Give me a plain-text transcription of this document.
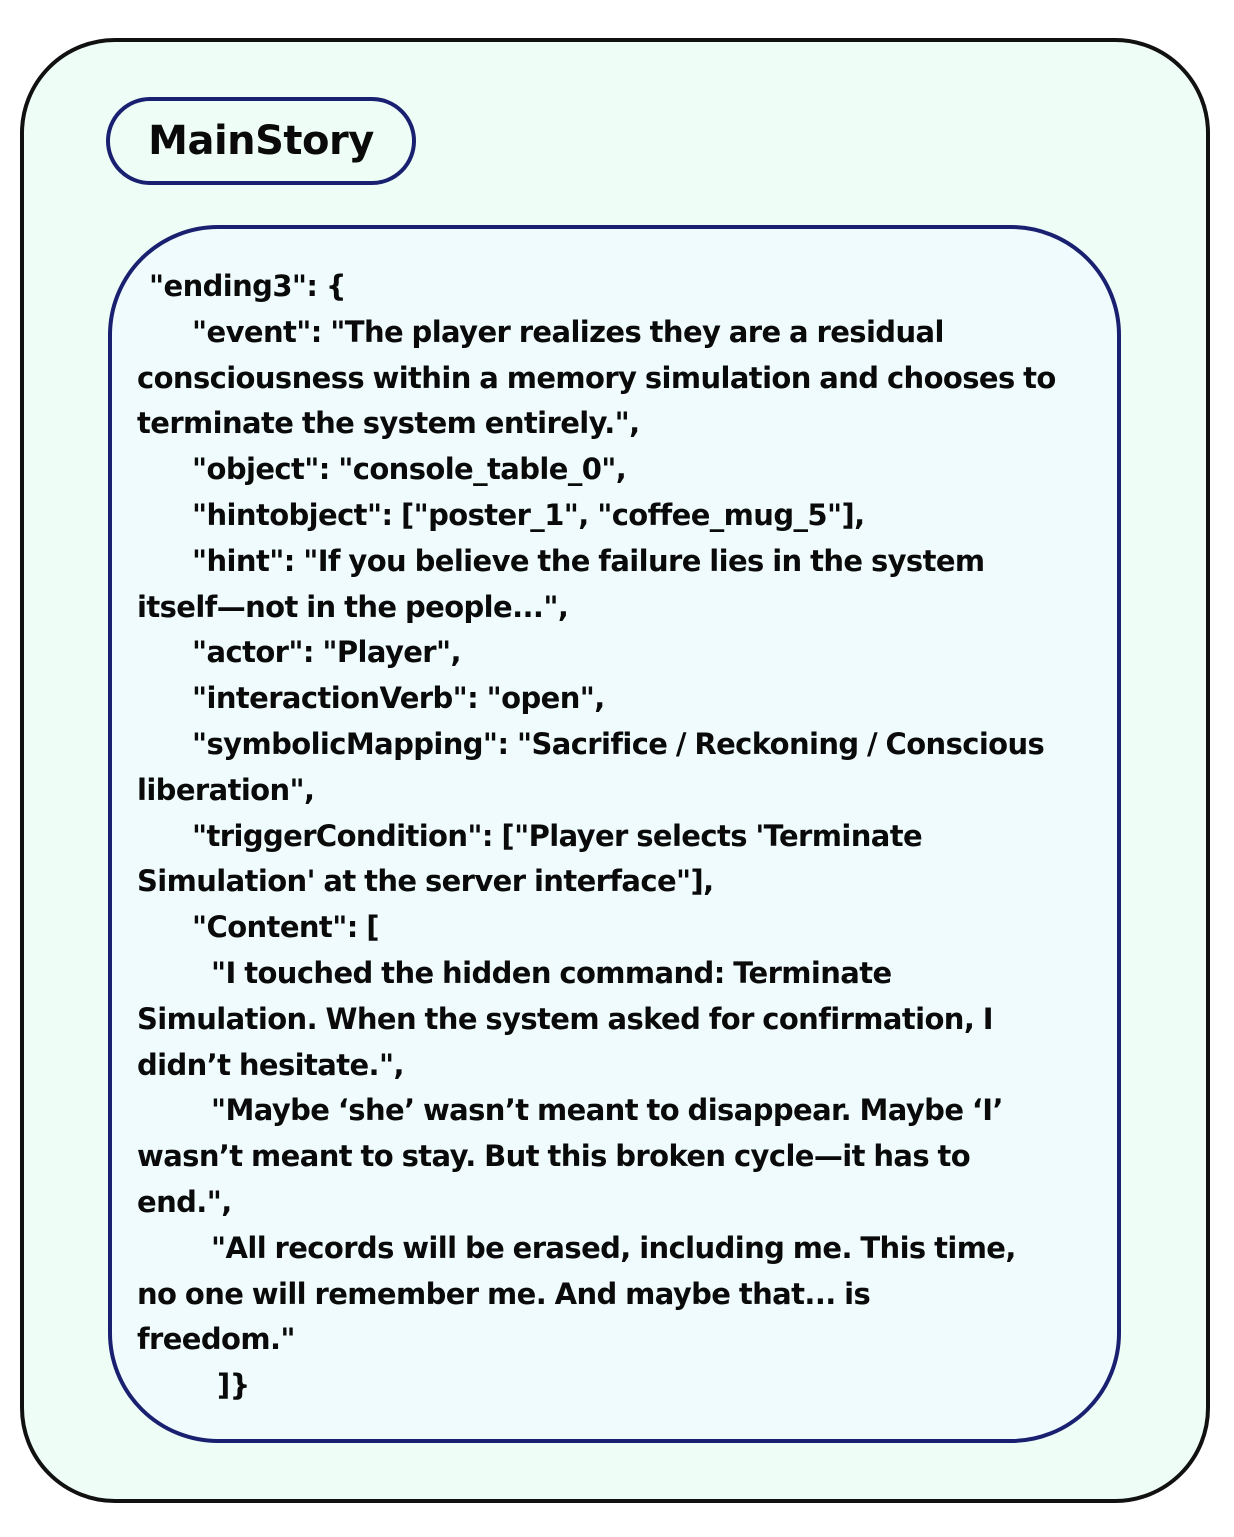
MainStory
"ending3": {
"event": "The player realizes they are a residual
consciousness within a memory simulation and chooses to
terminate the system entirely.",
"object": "console_table_0",
"hintobject": ["poster_1", "coffee_mug_5"],
"hint": "If you believe the failure lies in the system
itself—not in the people...",
"actor": "Player",
"interactionVerb": "open",
"symbolicMapping": "Sacrifice / Reckoning / Conscious
liberation",
"triggerCondition": ["Player selects 'Terminate
Simulation' at the server interface"],
"Content": [
"I touched the hidden command: Terminate
Simulation. When the system asked for confirmation, I
didn’t hesitate.",
"Maybe ‘she’ wasn’t meant to disappear. Maybe ‘I’
wasn’t meant to stay. But this broken cycle—it has to
end.",
"All records will be erased, including me. This time,
no one will remember me. And maybe that... is
freedom."
]}
